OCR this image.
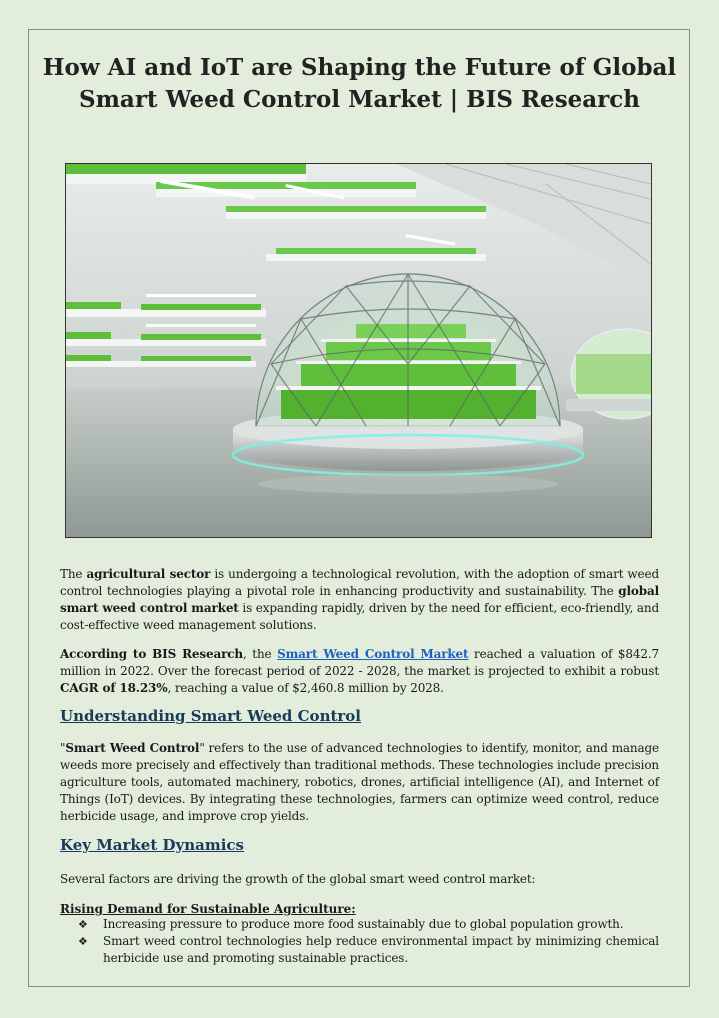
How AI and IoT are Shaping the Future of Global
Smart Weed Control Market | BIS Research

The agricultural sector is undergoing a technological revolution, with the adoption of smart weed control technologies playing a pivotal role in enhancing productivity and sustainability. The global smart weed control market is expanding rapidly, driven by the need for efficient, eco-friendly, and cost-effective weed management solutions.

According to BIS Research, the Smart Weed Control Market reached a valuation of $842.7 million in 2022. Over the forecast period of 2022 - 2028, the market is projected to exhibit a robust CAGR of 18.23%, reaching a value of $2,460.8 million by 2028.

Understanding Smart Weed Control

"Smart Weed Control" refers to the use of advanced technologies to identify, monitor, and manage weeds more precisely and effectively than traditional methods. These technologies include precision agriculture tools, automated machinery, robotics, drones, artificial intelligence (AI), and Internet of Things (IoT) devices. By integrating these technologies, farmers can optimize weed control, reduce herbicide usage, and improve crop yields.

Key Market Dynamics

Several factors are driving the growth of the global smart weed control market:

Rising Demand for Sustainable Agriculture:

❖ Increasing pressure to produce more food sustainably due to global population growth.
❖ Smart weed control technologies help reduce environmental impact by minimizing chemical herbicide use and promoting sustainable practices.
